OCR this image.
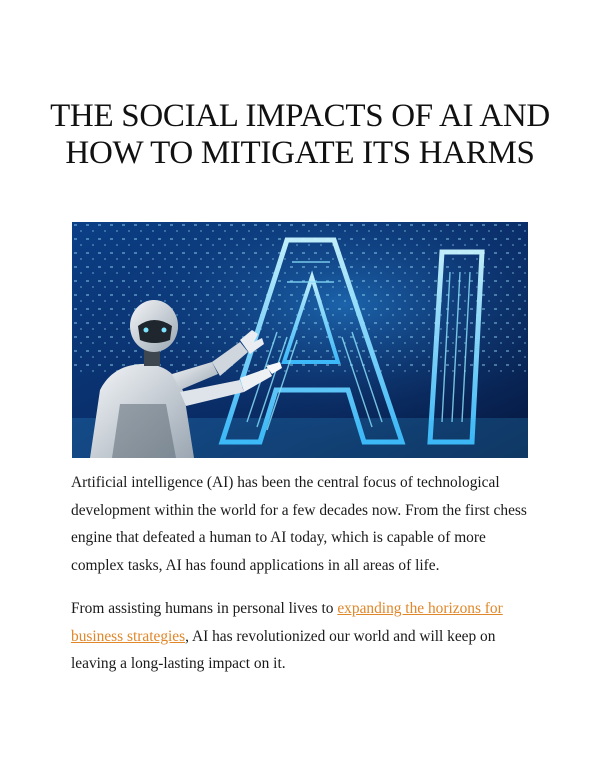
THE SOCIAL IMPACTS OF AI AND HOW TO MITIGATE ITS HARMS

Artificial intelligence (AI) has been the central focus of technological development within the world for a few decades now. From the first chess engine that defeated a human to AI today, which is capable of more complex tasks, AI has found applications in all areas of life.

From assisting humans in personal lives to expanding the horizons for business strategies, AI has revolutionized our world and will keep on leaving a long-lasting impact on it.
